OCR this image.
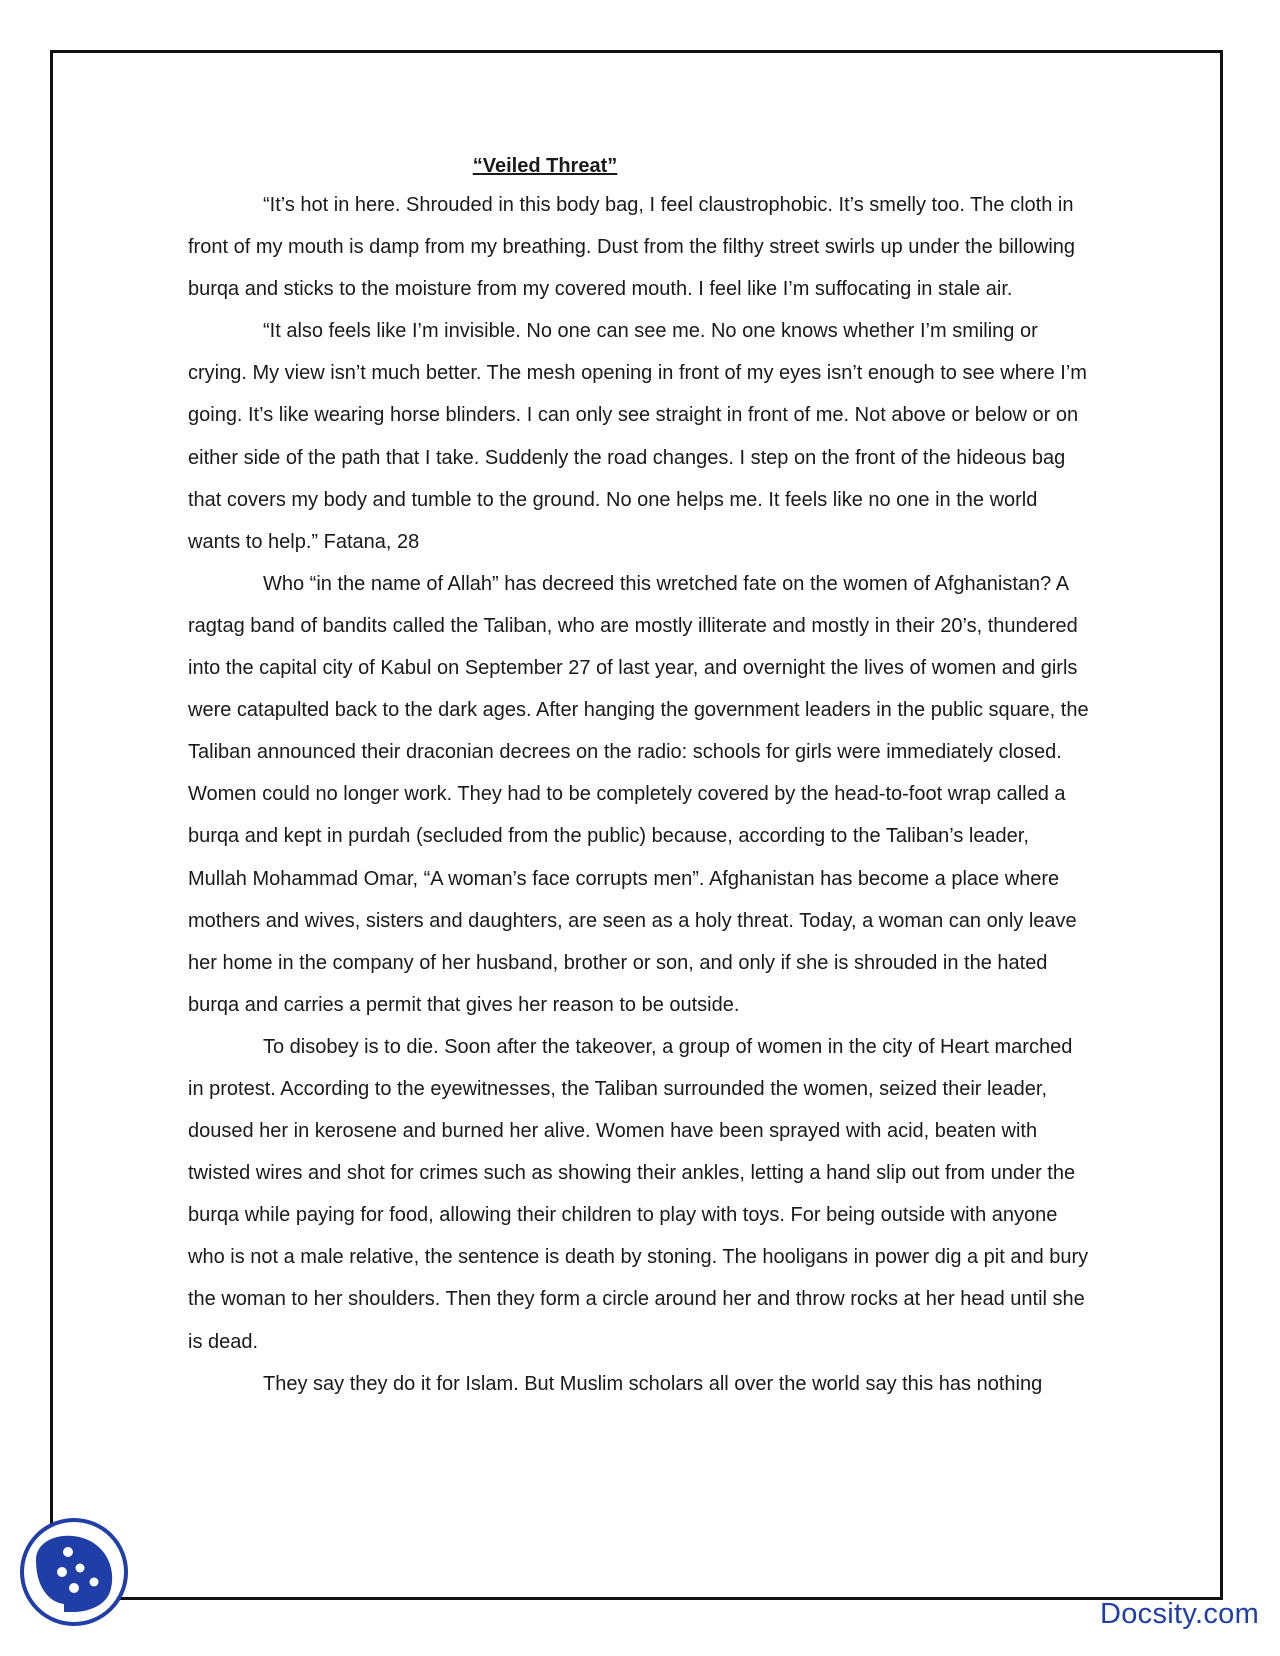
“Veiled Threat”

“It’s hot in here. Shrouded in this body bag, I feel claustrophobic. It’s smelly too. The cloth in front of my mouth is damp from my breathing. Dust from the filthy street swirls up under the billowing burqa and sticks to the moisture from my covered mouth. I feel like I’m suffocating in stale air.

“It also feels like I’m invisible. No one can see me. No one knows whether I’m smiling or crying. My view isn’t much better. The mesh opening in front of my eyes isn’t enough to see where I’m going. It’s like wearing horse blinders. I can only see straight in front of me. Not above or below or on either side of the path that I take. Suddenly the road changes. I step on the front of the hideous bag that covers my body and tumble to the ground. No one helps me. It feels like no one in the world wants to help.” Fatana, 28

Who “in the name of Allah” has decreed this wretched fate on the women of Afghanistan? A ragtag band of bandits called the Taliban, who are mostly illiterate and mostly in their 20’s, thundered into the capital city of Kabul on September 27 of last year, and overnight the lives of women and girls were catapulted back to the dark ages. After hanging the government leaders in the public square, the Taliban announced their draconian decrees on the radio: schools for girls were immediately closed. Women could no longer work. They had to be completely covered by the head-to-foot wrap called a burqa and kept in purdah (secluded from the public) because, according to the Taliban’s leader, Mullah Mohammad Omar, “A woman’s face corrupts men”. Afghanistan has become a place where mothers and wives, sisters and daughters, are seen as a holy threat. Today, a woman can only leave her home in the company of her husband, brother or son, and only if she is shrouded in the hated burqa and carries a permit that gives her reason to be outside.

To disobey is to die. Soon after the takeover, a group of women in the city of Heart marched in protest. According to the eyewitnesses, the Taliban surrounded the women, seized their leader, doused her in kerosene and burned her alive. Women have been sprayed with acid, beaten with twisted wires and shot for crimes such as showing their ankles, letting a hand slip out from under the burqa while paying for food, allowing their children to play with toys. For being outside with anyone who is not a male relative, the sentence is death by stoning. The hooligans in power dig a pit and bury the woman to her shoulders. Then they form a circle around her and throw rocks at her head until she is dead.

They say they do it for Islam. But Muslim scholars all over the world say this has nothing

Docsity.com
